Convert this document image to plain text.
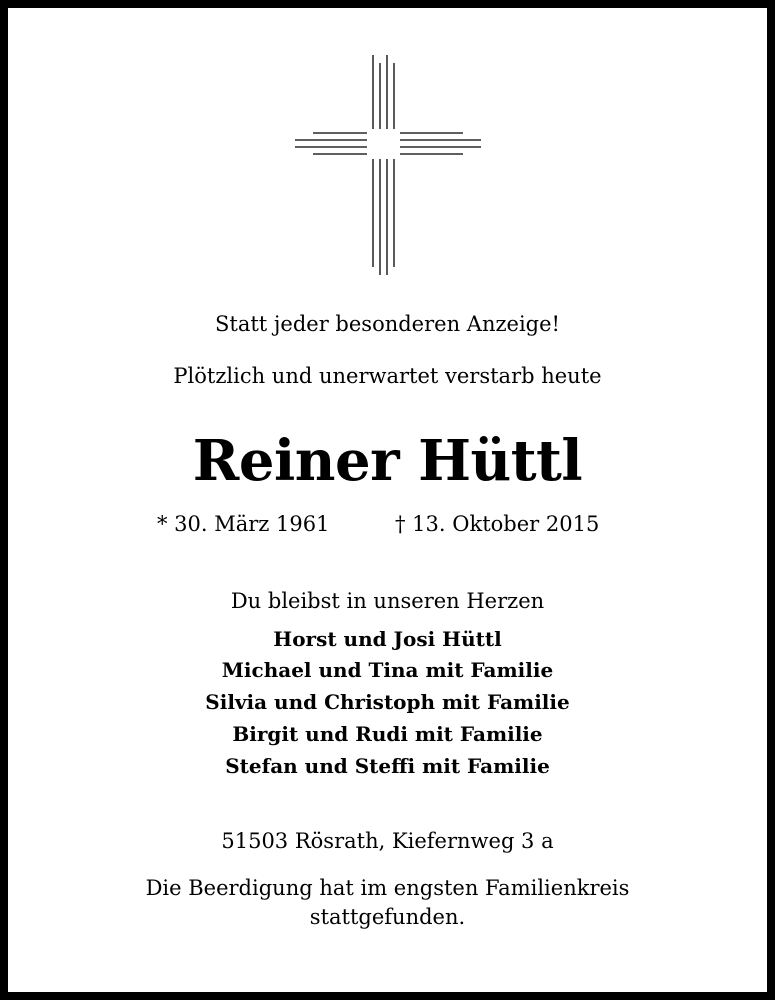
Statt jeder besonderen Anzeige!
Plötzlich und unerwartet verstarb heute
Reiner Hüttl
* 30. März 1961	† 13. Oktober 2015
Du bleibst in unseren Herzen
Horst und Josi Hüttl
Michael und Tina mit Familie
Silvia und Christoph mit Familie
Birgit und Rudi mit Familie
Stefan und Steffi mit Familie
51503 Rösrath, Kiefernweg 3 a
Die Beerdigung hat im engsten Familienkreis
stattgefunden.
